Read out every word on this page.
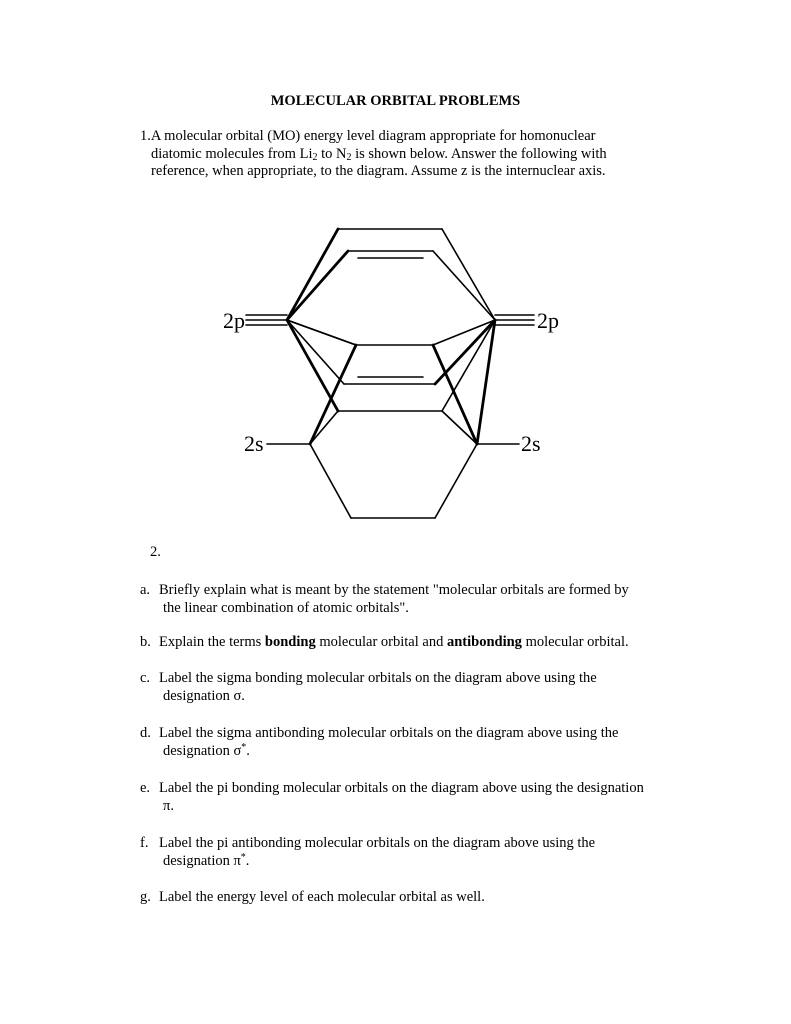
MOLECULAR ORBITAL PROBLEMS
1.A molecular orbital (MO) energy level diagram appropriate for homonuclear
diatomic molecules from $Li_2$ to $N_2$ is shown below. Answer the following with
reference, when appropriate, to the diagram. Assume z is the internuclear axis.
2p	2p
2s	2s
2.
a. Briefly explain what is meant by the statement "molecular orbitals are formed by
the linear combination of atomic orbitals".
b. Explain the terms bonding molecular orbital and antibonding molecular orbital.
c. Label the sigma bonding molecular orbitals on the diagram above using the
designation σ.
d. Label the sigma antibonding molecular orbitals on the diagram above using the
designation σ*.
e. Label the pi bonding molecular orbitals on the diagram above using the designation
π.
f. Label the pi antibonding molecular orbitals on the diagram above using the
designation π*.
g. Label the energy level of each molecular orbital as well.
